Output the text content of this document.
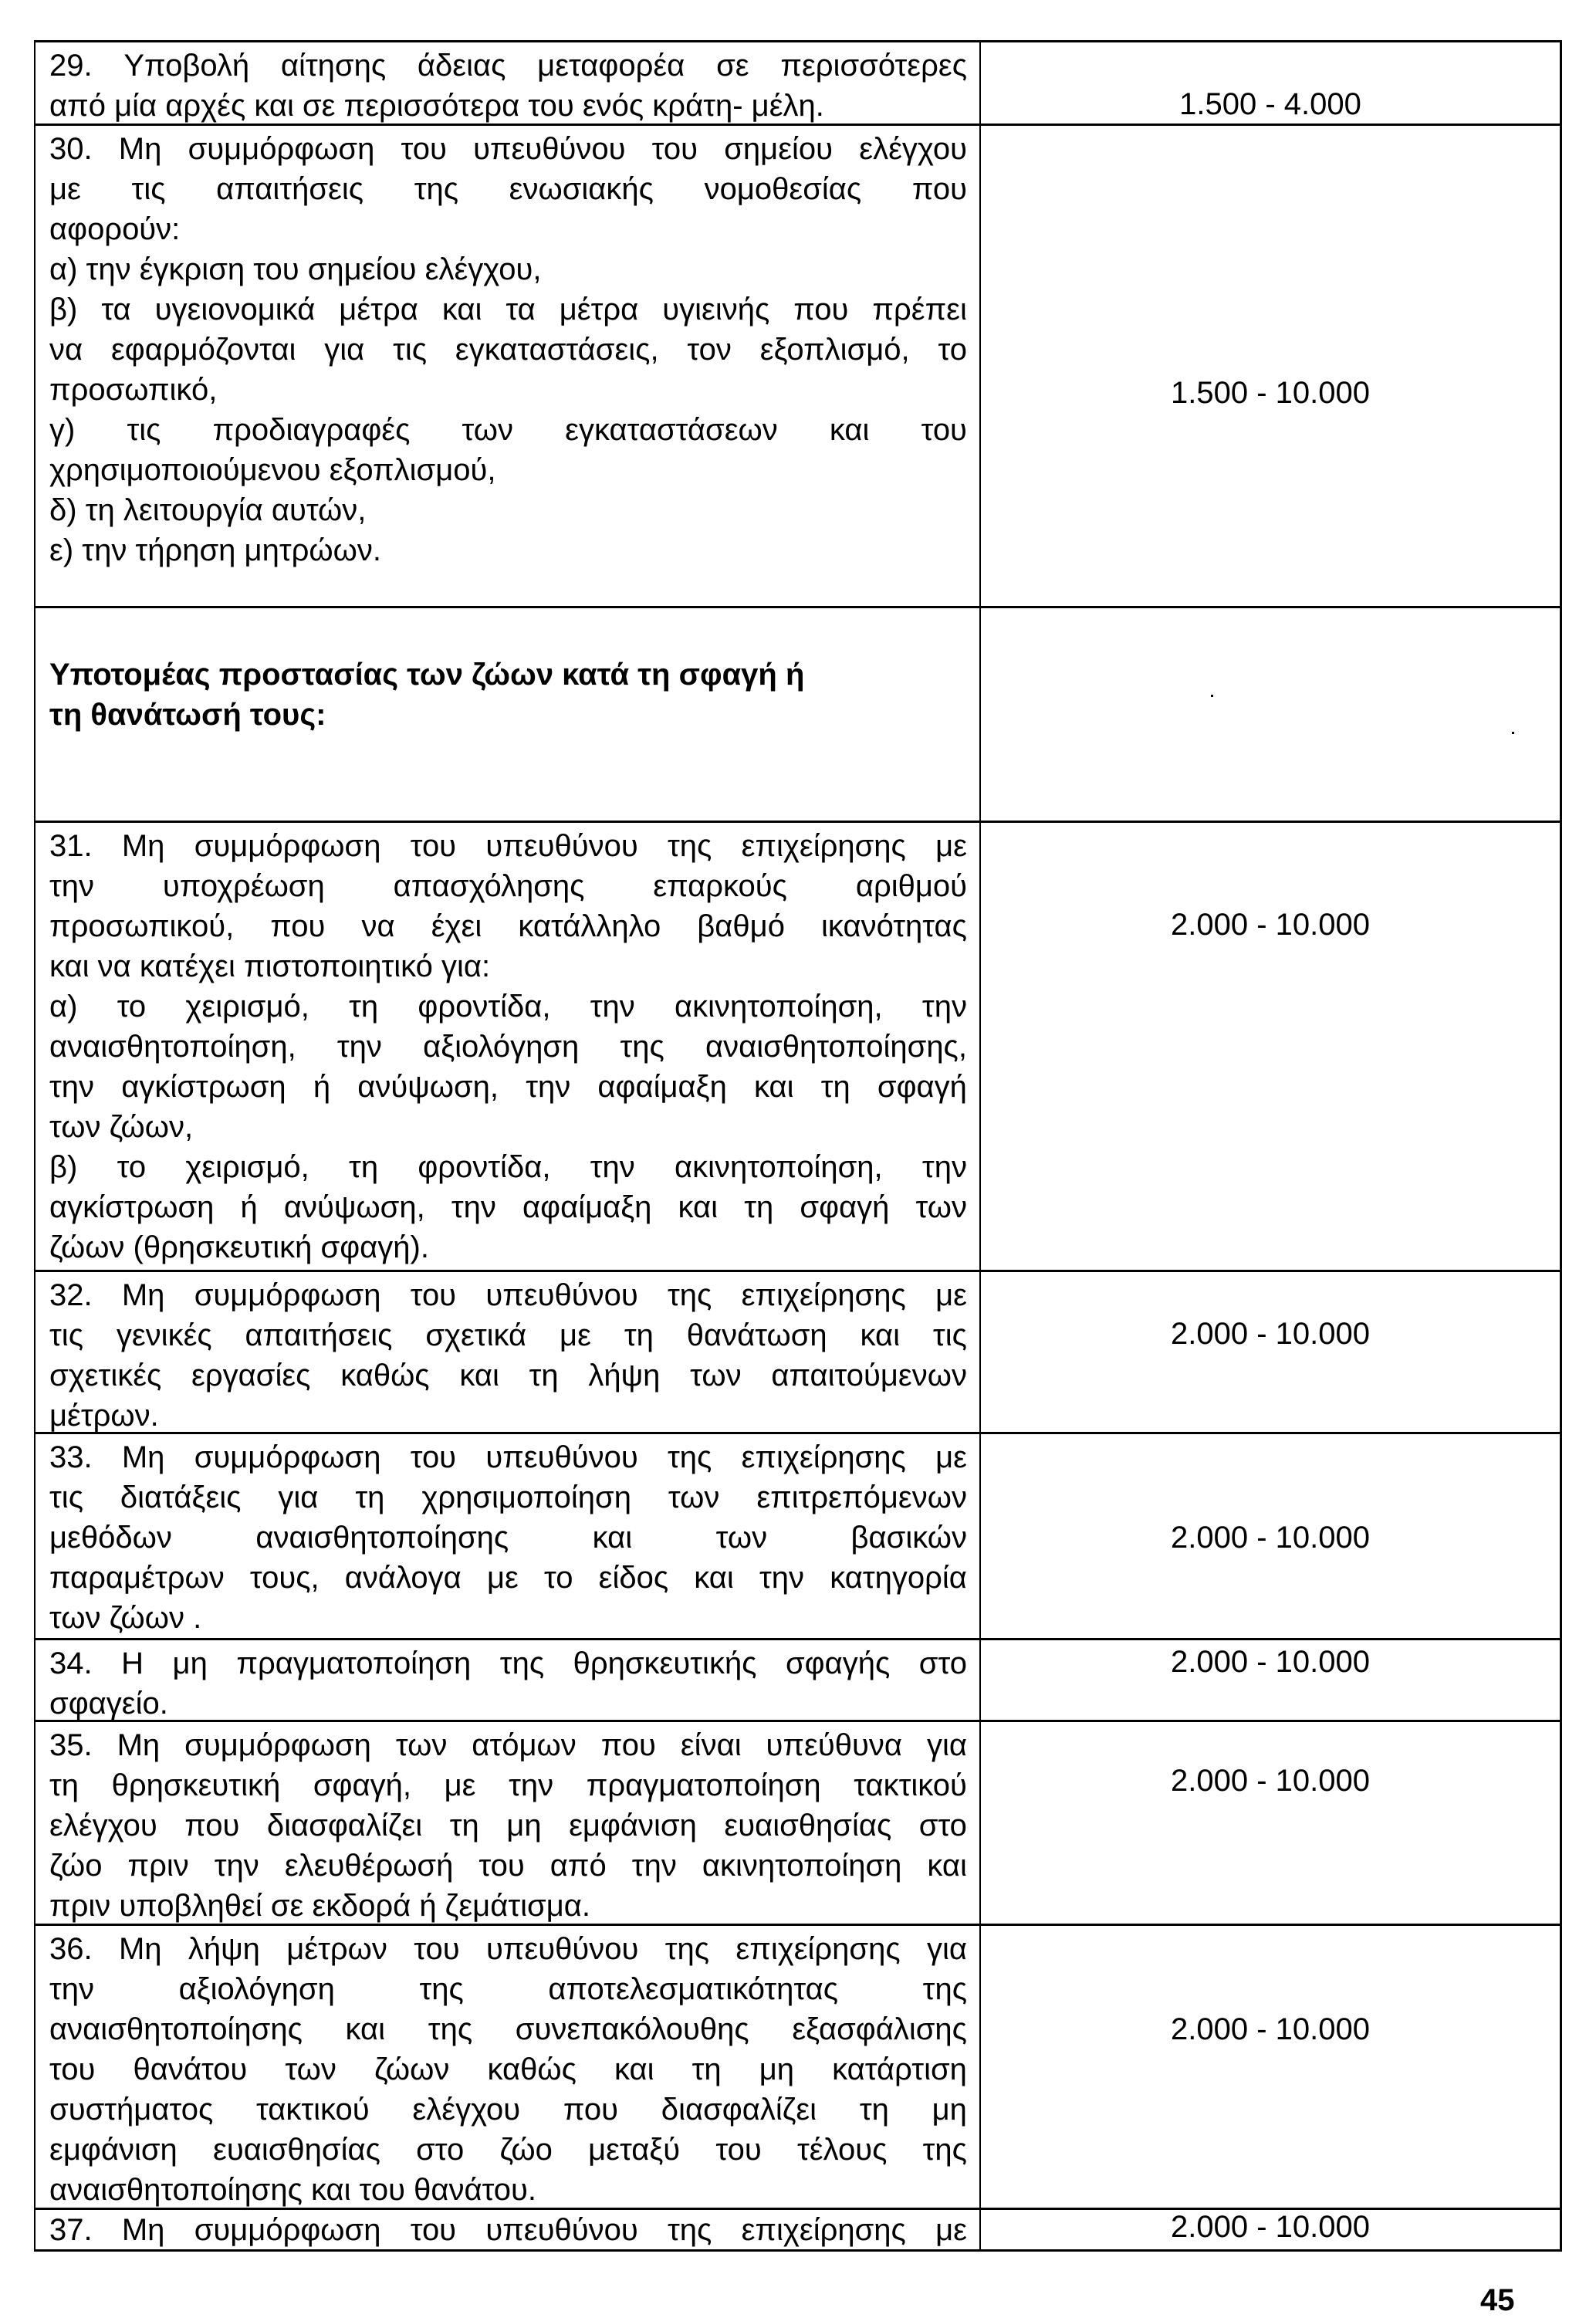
29. Υποβολή αίτησης άδειας μεταφορέα σε περισσότερες
από μία αρχές και σε περισσότερα του ενός κράτη- μέλη.	1.500 - 4.000
30. Μη συμμόρφωση του υπευθύνου του σημείου ελέγχου
με τις απαιτήσεις της ενωσιακής νομοθεσίας που
αφορούν:
α) την έγκριση του σημείου ελέγχου,
β) τα υγειονομικά μέτρα και τα μέτρα υγιεινής που πρέπει
να εφαρμόζονται για τις εγκαταστάσεις, τον εξοπλισμό, το
προσωπικό,
γ) τις προδιαγραφές των εγκαταστάσεων και του
χρησιμοποιούμενου εξοπλισμού,
δ) τη λειτουργία αυτών,
ε) την τήρηση μητρώων.
1.500 - 10.000
Υποτομέας προστασίας των ζώων κατά τη σφαγή ή
τη θανάτωσή τους:
31. Μη συμμόρφωση του υπευθύνου της επιχείρησης με
την υποχρέωση απασχόλησης επαρκούς αριθμού
προσωπικού, που να έχει κατάλληλο βαθμό ικανότητας
και να κατέχει πιστοποιητικό για:
α) το χειρισμό, τη φροντίδα, την ακινητοποίηση, την
αναισθητοποίηση, την αξιολόγηση της αναισθητοποίησης,
την αγκίστρωση ή ανύψωση, την αφαίμαξη και τη σφαγή
των ζώων,
β) το χειρισμό, τη φροντίδα, την ακινητοποίηση, την
αγκίστρωση ή ανύψωση, την αφαίμαξη και τη σφαγή των
ζώων (θρησκευτική σφαγή).
2.000 - 10.000
32. Μη συμμόρφωση του υπευθύνου της επιχείρησης με
τις γενικές απαιτήσεις σχετικά με τη θανάτωση και τις
σχετικές εργασίες καθώς και τη λήψη των απαιτούμενων
μέτρων.
2.000 - 10.000
33. Μη συμμόρφωση του υπευθύνου της επιχείρησης με
τις διατάξεις για τη χρησιμοποίηση των επιτρεπόμενων
μεθόδων	αναισθητοποίησης	και	των	βασικών
παραμέτρων τους, ανάλογα με το είδος και την κατηγορία
των ζώων .
2.000 - 10.000
34. Η μη πραγματοποίηση της θρησκευτικής σφαγής στο
σφαγείο.
2.000 - 10.000
35. Μη συμμόρφωση των ατόμων που είναι υπεύθυνα για
τη θρησκευτική σφαγή, με την πραγματοποίηση τακτικού
ελέγχου που διασφαλίζει τη μη εμφάνιση ευαισθησίας στο
ζώο πριν την ελευθέρωσή του από την ακινητοποίηση και
πριν υποβληθεί σε εκδορά ή ζεμάτισμα.
2.000 - 10.000
36. Μη λήψη μέτρων του υπευθύνου της επιχείρησης για
την	αξιολόγηση	της	αποτελεσματικότητας	της
αναισθητοποίησης και της συνεπακόλουθης εξασφάλισης
του θανάτου των ζώων καθώς και τη μη κατάρτιση
συστήματος τακτικού ελέγχου που διασφαλίζει τη μη
εμφάνιση ευαισθησίας στο ζώο μεταξύ του τέλους της
αναισθητοποίησης και του θανάτου.
2.000 - 10.000
37. Μη συμμόρφωση του υπευθύνου της επιχείρησης με	2.000 - 10.000
45
